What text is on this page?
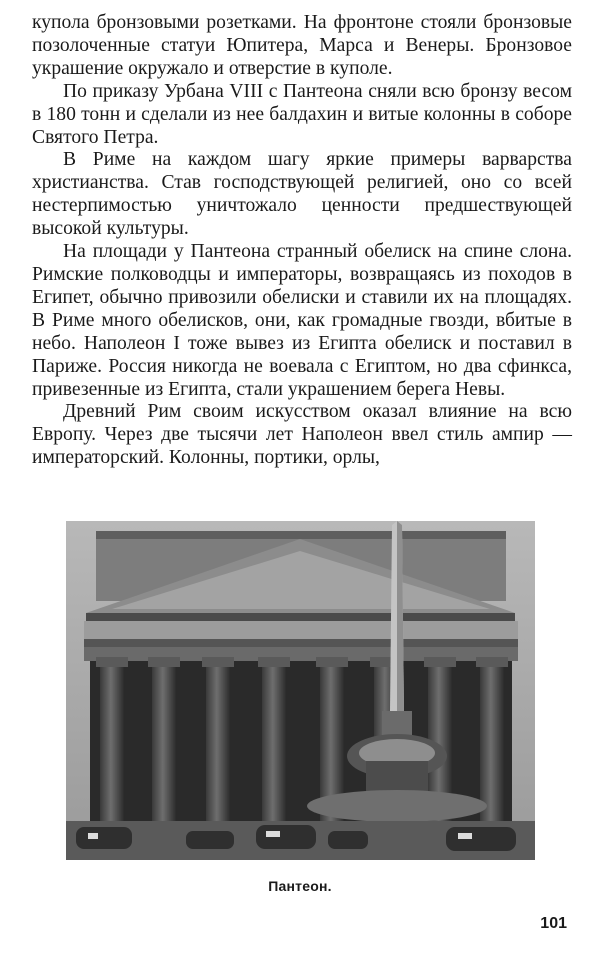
купола бронзовыми розетками. На фронтоне стояли бронзовые позолоченные статуи Юпитера, Марса и Венеры. Бронзовое украшение окружало и отверстие в куполе.

По приказу Урбана VIII с Пантеона сняли всю бронзу весом в 180 тонн и сделали из нее балдахин и витые колонны в соборе Святого Петра.

В Риме на каждом шагу яркие примеры варварства христианства. Став господствующей религией, оно со всей нестерпимостью уничтожало ценности предшествующей высокой культуры.

На площади у Пантеона странный обелиск на спине слона. Римские полководцы и императоры, возвращаясь из походов в Египет, обычно привозили обелиски и ставили их на площадях. В Риме много обелисков, они, как громадные гвозди, вбитые в небо. Наполеон I тоже вывез из Египта обелиск и поставил в Париже. Россия никогда не воевала с Египтом, но два сфинкса, привезенные из Египта, стали украшением берега Невы.

Древний Рим своим искусством оказал влияние на всю Европу. Через две тысячи лет Наполеон ввел стиль ампир — императорский. Колонны, портики, орлы,

Пантеон.
101
